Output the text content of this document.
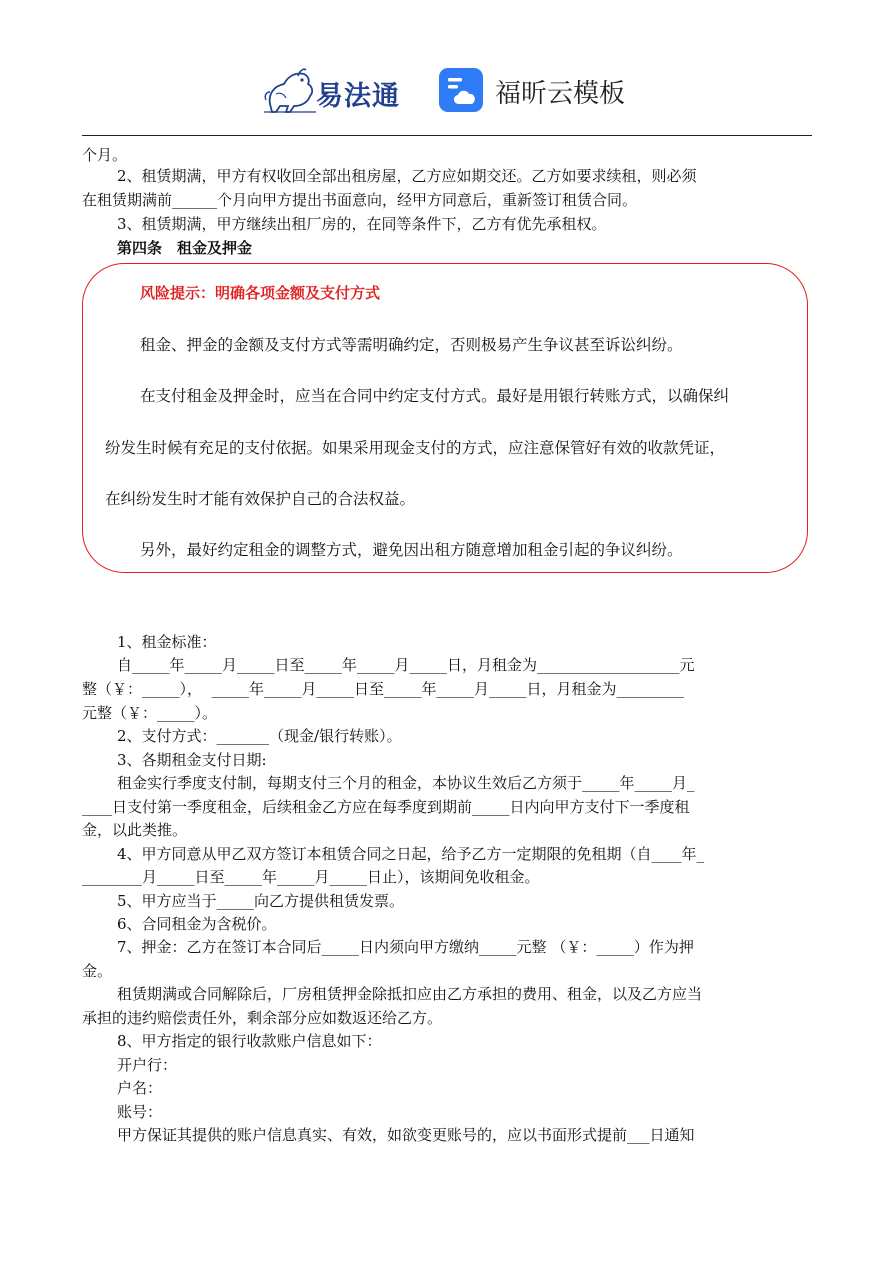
易法通	福昕云模板
个月。
2、租赁期满，甲方有权收回全部出租房屋，乙方应如期交还。乙方如要求续租，则必须
在租赁期满前______个月向甲方提出书面意向，经甲方同意后，重新签订租赁合同。
3、租赁期满，甲方继续出租厂房的，在同等条件下，乙方有优先承租权。
第四条　租金及押金
风险提示：明确各项金额及支付方式
租金、押金的金额及支付方式等需明确约定，否则极易产生争议甚至诉讼纠纷。
在支付租金及押金时，应当在合同中约定支付方式。最好是用银行转账方式，以确保纠
纷发生时候有充足的支付依据。如果采用现金支付的方式，应注意保管好有效的收款凭证，
在纠纷发生时才能有效保护自己的合法权益。
另外，最好约定租金的调整方式，避免因出租方随意增加租金引起的争议纠纷。
1、租金标准：
自_____年_____月_____日至_____年_____月_____日，月租金为___________________元
整（￥：_____），  _____年_____月_____日至_____年_____月_____日，月租金为_________
元整（￥：_____）。
2、支付方式：_______（现金/银行转账）。
3、各期租金支付日期:
租金实行季度支付制，每期支付三个月的租金，本协议生效后乙方须于_____年_____月_
____日支付第一季度租金，后续租金乙方应在每季度到期前_____日内向甲方支付下一季度租
金，以此类推。
4、甲方同意从甲乙双方签订本租赁合同之日起，给予乙方一定期限的免租期（自____年_
________月_____日至_____年_____月_____日止），该期间免收租金。
5、甲方应当于_____向乙方提供租赁发票。
6、合同租金为含税价。
7、押金：乙方在签订本合同后_____日内须向甲方缴纳_____元整 （￥：_____）作为押
金。
租赁期满或合同解除后，厂房租赁押金除抵扣应由乙方承担的费用、租金，以及乙方应当
承担的违约赔偿责任外，剩余部分应如数返还给乙方。
8、甲方指定的银行收款账户信息如下：
开户行：
户名：
账号：
甲方保证其提供的账户信息真实、有效，如欲变更账号的，应以书面形式提前___日通知
